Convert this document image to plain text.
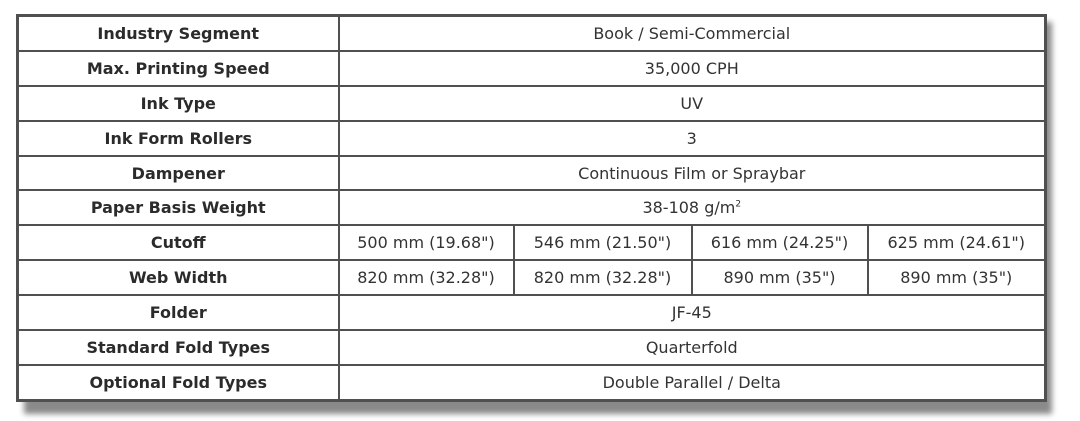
Industry Segment	Book / Semi-Commercial			
Max. Printing Speed	35,000 CPH			
Ink Type	UV			
Ink Form Rollers	3			
Dampener	Continuous Film or Spraybar			
Paper Basis Weight	38-108 $g/m^2$
Cutoff	500 mm (19.68")	546 mm (21.50")	616 mm (24.25")	625 mm (24.61")
Web Width	820 mm (32.28")	820 mm (32.28")	890 mm (35")	890 mm (35")
Folder	JF-45			
Standard Fold Types	Quarterfold			
Optional Fold Types	Double Parallel / Delta			
